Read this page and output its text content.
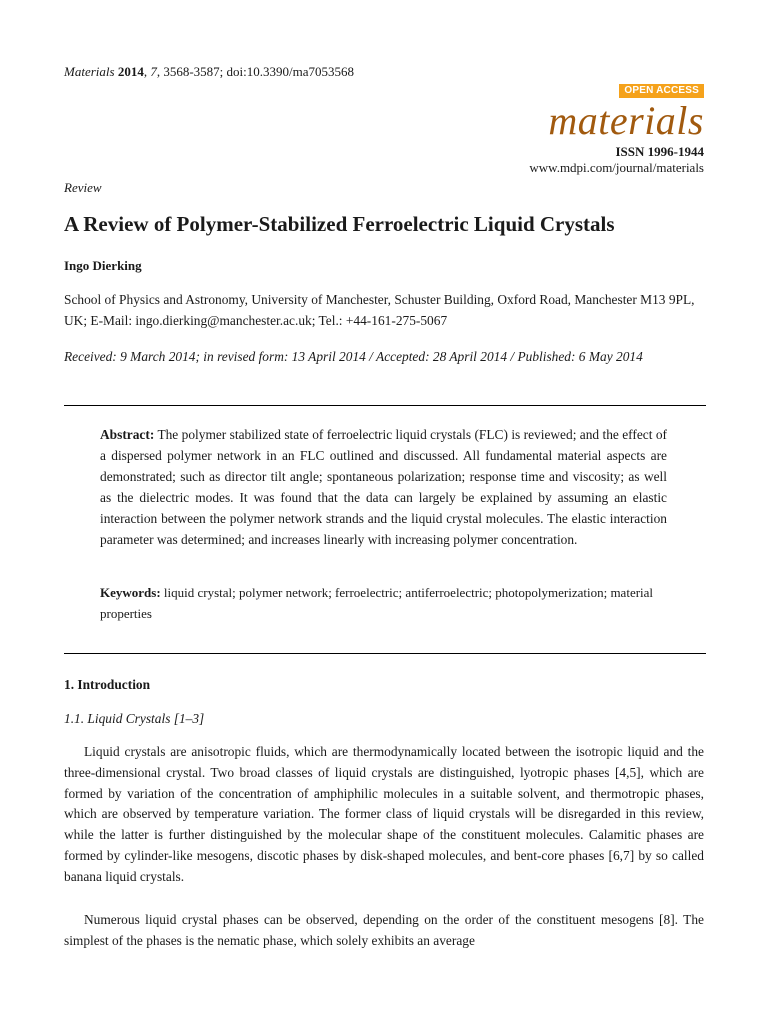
Materials 2014, 7, 3568-3587; doi:10.3390/ma7053568
OPEN ACCESS
materials
ISSN 1996-1944
www.mdpi.com/journal/materials
Review
A Review of Polymer-Stabilized Ferroelectric Liquid Crystals
Ingo Dierking
School of Physics and Astronomy, University of Manchester, Schuster Building, Oxford Road, Manchester M13 9PL, UK; E-Mail: ingo.dierking@manchester.ac.uk; Tel.: +44-161-275-5067
Received: 9 March 2014; in revised form: 13 April 2014 / Accepted: 28 April 2014 / Published: 6 May 2014
Abstract: The polymer stabilized state of ferroelectric liquid crystals (FLC) is reviewed; and the effect of a dispersed polymer network in an FLC outlined and discussed. All fundamental material aspects are demonstrated; such as director tilt angle; spontaneous polarization; response time and viscosity; as well as the dielectric modes. It was found that the data can largely be explained by assuming an elastic interaction between the polymer network strands and the liquid crystal molecules. The elastic interaction parameter was determined; and increases linearly with increasing polymer concentration.
Keywords: liquid crystal; polymer network; ferroelectric; antiferroelectric; photopolymerization; material properties
1. Introduction
1.1. Liquid Crystals [1–3]
Liquid crystals are anisotropic fluids, which are thermodynamically located between the isotropic liquid and the three-dimensional crystal. Two broad classes of liquid crystals are distinguished, lyotropic phases [4,5], which are formed by variation of the concentration of amphiphilic molecules in a suitable solvent, and thermotropic phases, which are observed by temperature variation. The former class of liquid crystals will be disregarded in this review, while the latter is further distinguished by the molecular shape of the constituent molecules. Calamitic phases are formed by cylinder-like mesogens, discotic phases by disk-shaped molecules, and bent-core phases [6,7] by so called banana liquid crystals.
Numerous liquid crystal phases can be observed, depending on the order of the constituent mesogens [8]. The simplest of the phases is the nematic phase, which solely exhibits an average
